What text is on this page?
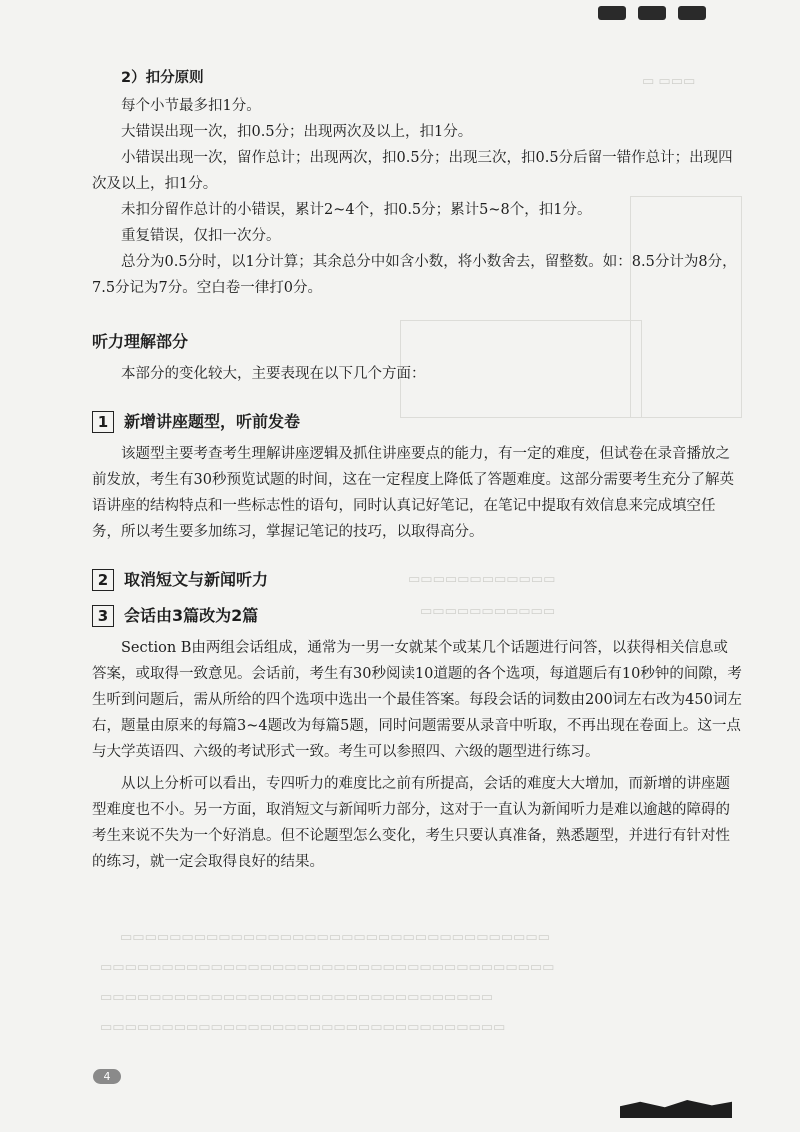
▭ ▭▭▭
▭▭▭▭▭▭▭▭▭▭▭▭
▭▭▭▭▭▭▭▭▭▭▭
▭▭▭▭▭▭▭▭▭▭▭▭▭▭▭▭▭▭▭▭▭▭▭▭▭▭▭▭▭▭▭▭▭▭▭
▭▭▭▭▭▭▭▭▭▭▭▭▭▭▭▭▭▭▭▭▭▭▭▭▭▭▭▭▭▭▭▭▭▭▭▭▭
▭▭▭▭▭▭▭▭▭▭▭▭▭▭▭▭▭▭▭▭▭▭▭▭▭▭▭▭▭▭▭▭
▭▭▭▭▭▭▭▭▭▭▭▭▭▭▭▭▭▭▭▭▭▭▭▭▭▭▭▭▭▭▭▭▭
2）扣分原则

每个小节最多扣1分。

大错误出现一次，扣0.5分；出现两次及以上，扣1分。

小错误出现一次，留作总计；出现两次，扣0.5分；出现三次，扣0.5分后留一错作总计；出现四次及以上，扣1分。

未扣分留作总计的小错误，累计2~4个，扣0.5分；累计5~8个，扣1分。

重复错误，仅扣一次分。

总分为0.5分时，以1分计算；其余总分中如含小数，将小数舍去，留整数。如：8.5分计为8分，7.5分记为7分。空白卷一律打0分。

听力理解部分

本部分的变化较大，主要表现在以下几个方面：

1 新增讲座题型，听前发卷

该题型主要考查考生理解讲座逻辑及抓住讲座要点的能力，有一定的难度，但试卷在录音播放之前发放，考生有30秒预览试题的时间，这在一定程度上降低了答题难度。这部分需要考生充分了解英语讲座的结构特点和一些标志性的语句，同时认真记好笔记，在笔记中提取有效信息来完成填空任务，所以考生要多加练习，掌握记笔记的技巧，以取得高分。

2 取消短文与新闻听力
3 会话由3篇改为2篇

Section B由两组会话组成，通常为一男一女就某个或某几个话题进行问答，以获得相关信息或答案，或取得一致意见。会话前，考生有30秒阅读10道题的各个选项，每道题后有10秒钟的间隙，考生听到问题后，需从所给的四个选项中选出一个最佳答案。每段会话的词数由200词左右改为450词左右，题量由原来的每篇3~4题改为每篇5题，同时问题需要从录音中听取，不再出现在卷面上。这一点与大学英语四、六级的考试形式一致。考生可以参照四、六级的题型进行练习。

从以上分析可以看出，专四听力的难度比之前有所提高，会话的难度大大增加，而新增的讲座题型难度也不小。另一方面，取消短文与新闻听力部分，这对于一直认为新闻听力是难以逾越的障碍的考生来说不失为一个好消息。但不论题型怎么变化，考生只要认真准备，熟悉题型，并进行有针对性的练习，就一定会取得良好的结果。

4
